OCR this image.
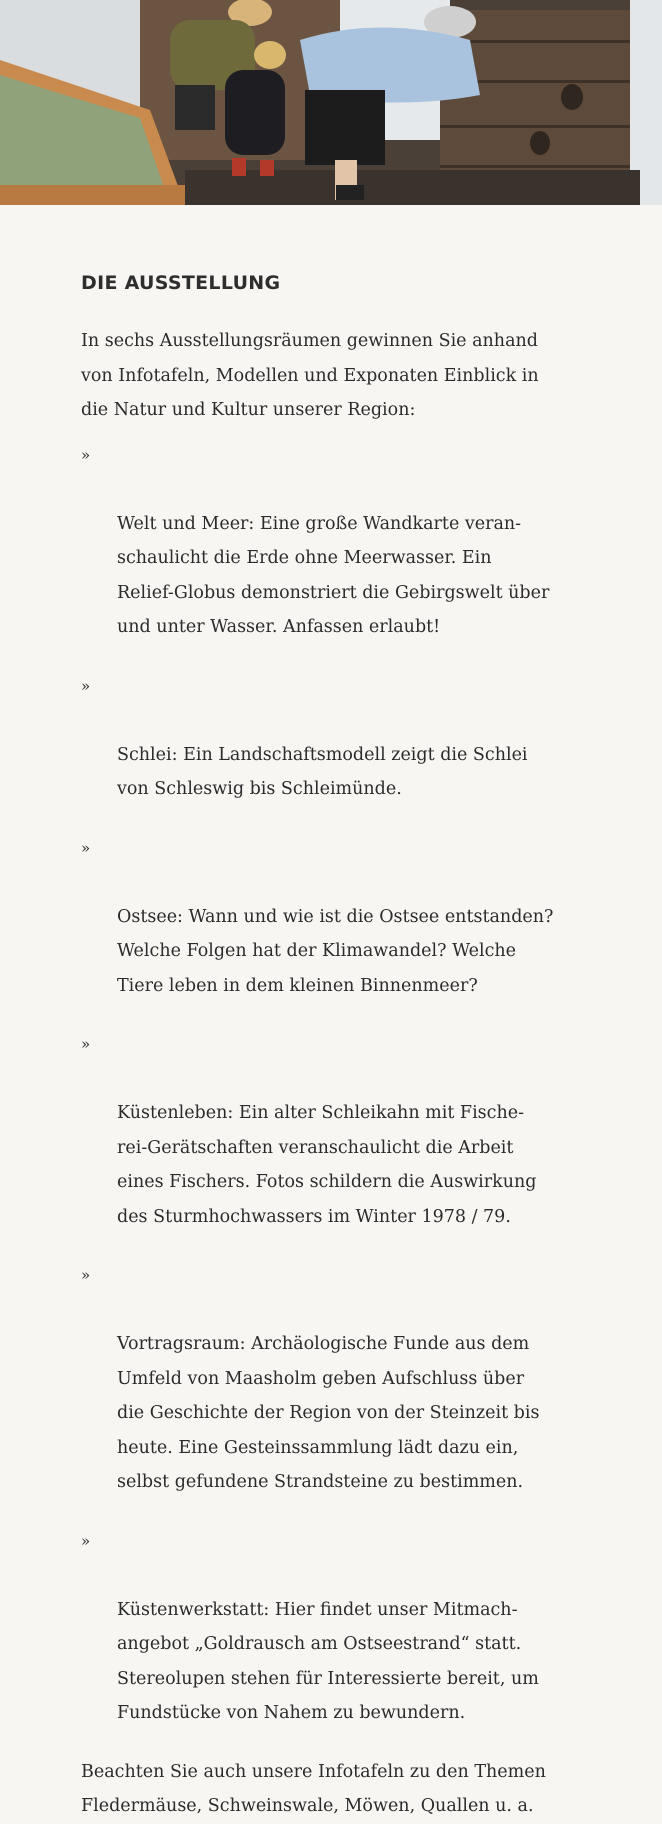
DIE AUSSTELLUNG

In sechs Ausstellungsräumen gewinnen Sie anhand
von Infotafeln, Modellen und Exponaten Einblick in
die Natur und Kultur unserer Region:

»

Welt und Meer: Eine große Wandkarte veran-
schaulicht die Erde ohne Meerwasser. Ein
Relief-Globus demonstriert die Gebirgswelt über
und unter Wasser. Anfassen erlaubt!

»

Schlei: Ein Landschaftsmodell zeigt die Schlei
von Schleswig bis Schleimünde.

»

Ostsee: Wann und wie ist die Ostsee entstanden?
Welche Folgen hat der Klimawandel? Welche
Tiere leben in dem kleinen Binnenmeer?

»

Küstenleben: Ein alter Schleikahn mit Fische-
rei-Gerätschaften veranschaulicht die Arbeit
eines Fischers. Fotos schildern die Auswirkung
des Sturmhochwassers im Winter 1978 / 79.

»

Vortragsraum: Archäologische Funde aus dem
Umfeld von Maasholm geben Aufschluss über
die Geschichte der Region von der Steinzeit bis
heute. Eine Gesteinssammlung lädt dazu ein,
selbst gefundene Strandsteine zu bestimmen.

»

Küstenwerkstatt: Hier findet unser Mitmach-
angebot „Goldrausch am Ostseestrand“ statt.
Stereolupen stehen für Interessierte bereit, um
Fundstücke von Nahem zu bewundern.

Beachten Sie auch unsere Infotafeln zu den Themen
Fledermäuse, Schweinswale, Möwen, Quallen u. a.
